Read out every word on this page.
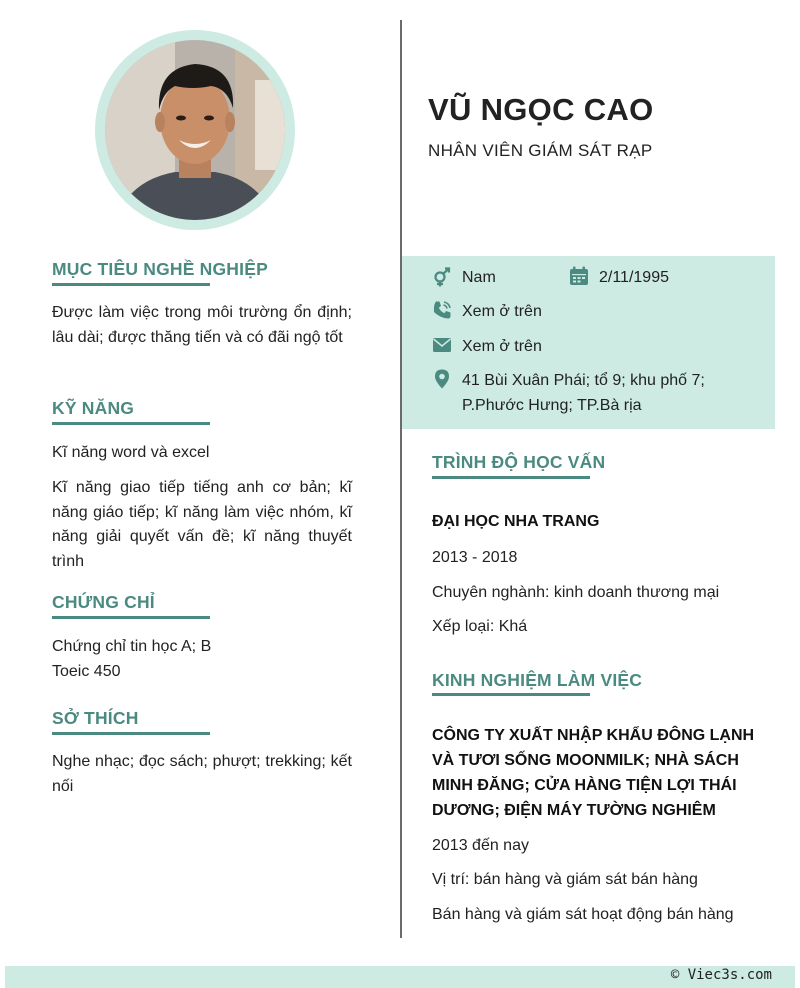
MỤC TIÊU NGHỀ NGHIỆP
Được làm việc trong môi trường ổn định; lâu dài; được thăng tiến và có đãi ngộ tốt
KỸ NĂNG
Kĩ năng word và excel
Kĩ năng giao tiếp tiếng anh cơ bản; kĩ năng giáo tiếp; kĩ năng làm việc nhóm, kĩ năng giải quyết vấn đề; kĩ năng thuyết trình
CHỨNG CHỈ
Chứng chỉ tin học A; B
Toeic 450
SỞ THÍCH
Nghe nhạc; đọc sách; phượt; trekking; kết nối
VŨ NGỌC CAO
NHÂN VIÊN GIÁM SÁT RẠP
Nam	2/11/1995
Xem ở trên
Xem ở trên
41 Bùi Xuân Phái; tổ 9; khu phố 7;
P.Phước Hưng; TP.Bà rịa
TRÌNH ĐỘ HỌC VẤN
ĐẠI HỌC NHA TRANG
2013 - 2018
Chuyên nghành: kinh doanh thương mại
Xếp loại: Khá
KINH NGHIỆM LÀM VIỆC
CÔNG TY XUẤT NHẬP KHẨU ĐÔNG LẠNH VÀ TƯƠI SỐNG MOONMILK; NHÀ SÁCH MINH ĐĂNG; CỬA HÀNG TIỆN LỢI THÁI DƯƠNG; ĐIỆN MÁY TƯỜNG NGHIÊM
2013 đến nay
Vị trí: bán hàng và giám sát bán hàng
Bán hàng và giám sát hoạt động bán hàng
© Viec3s.com
